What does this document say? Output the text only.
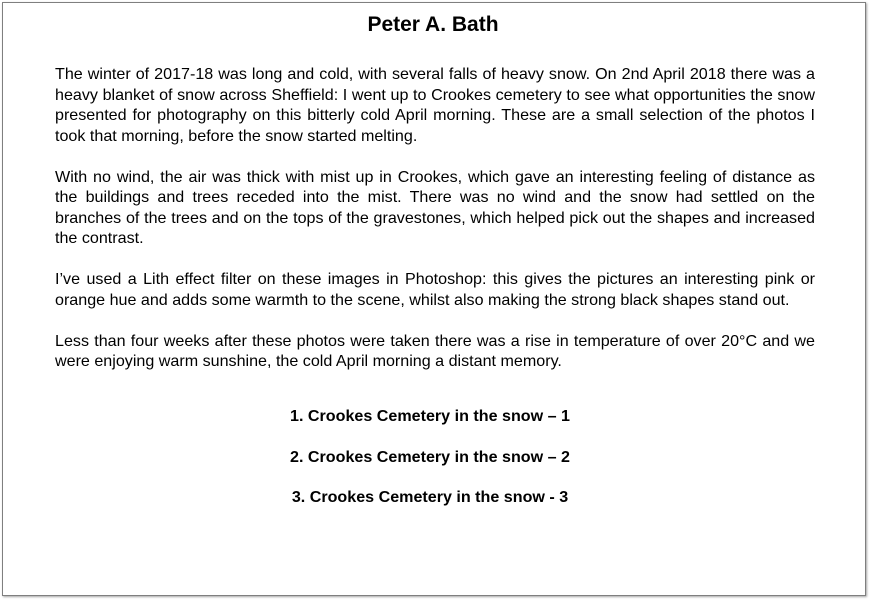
Peter A. Bath

The winter of 2017-18 was long and cold, with several falls of heavy snow. On 2nd April 2018 there was a heavy blanket of snow across Sheffield: I went up to Crookes cemetery to see what opportunities the snow presented for photography on this bitterly cold April morning. These are a small selection of the photos I took that morning, before the snow started melting.

With no wind, the air was thick with mist up in Crookes, which gave an interesting feeling of distance as the buildings and trees receded into the mist. There was no wind and the snow had settled on the branches of the trees and on the tops of the gravestones, which helped pick out the shapes and increased the contrast.

I’ve used a Lith effect filter on these images in Photoshop: this gives the pictures an interesting pink or orange hue and adds some warmth to the scene, whilst also making the strong black shapes stand out.

Less than four weeks after these photos were taken there was a rise in temperature of over 20°C and we were enjoying warm sunshine, the cold April morning a distant memory.

1. Crookes Cemetery in the snow – 1
2. Crookes Cemetery in the snow – 2
3. Crookes Cemetery in the snow - 3
